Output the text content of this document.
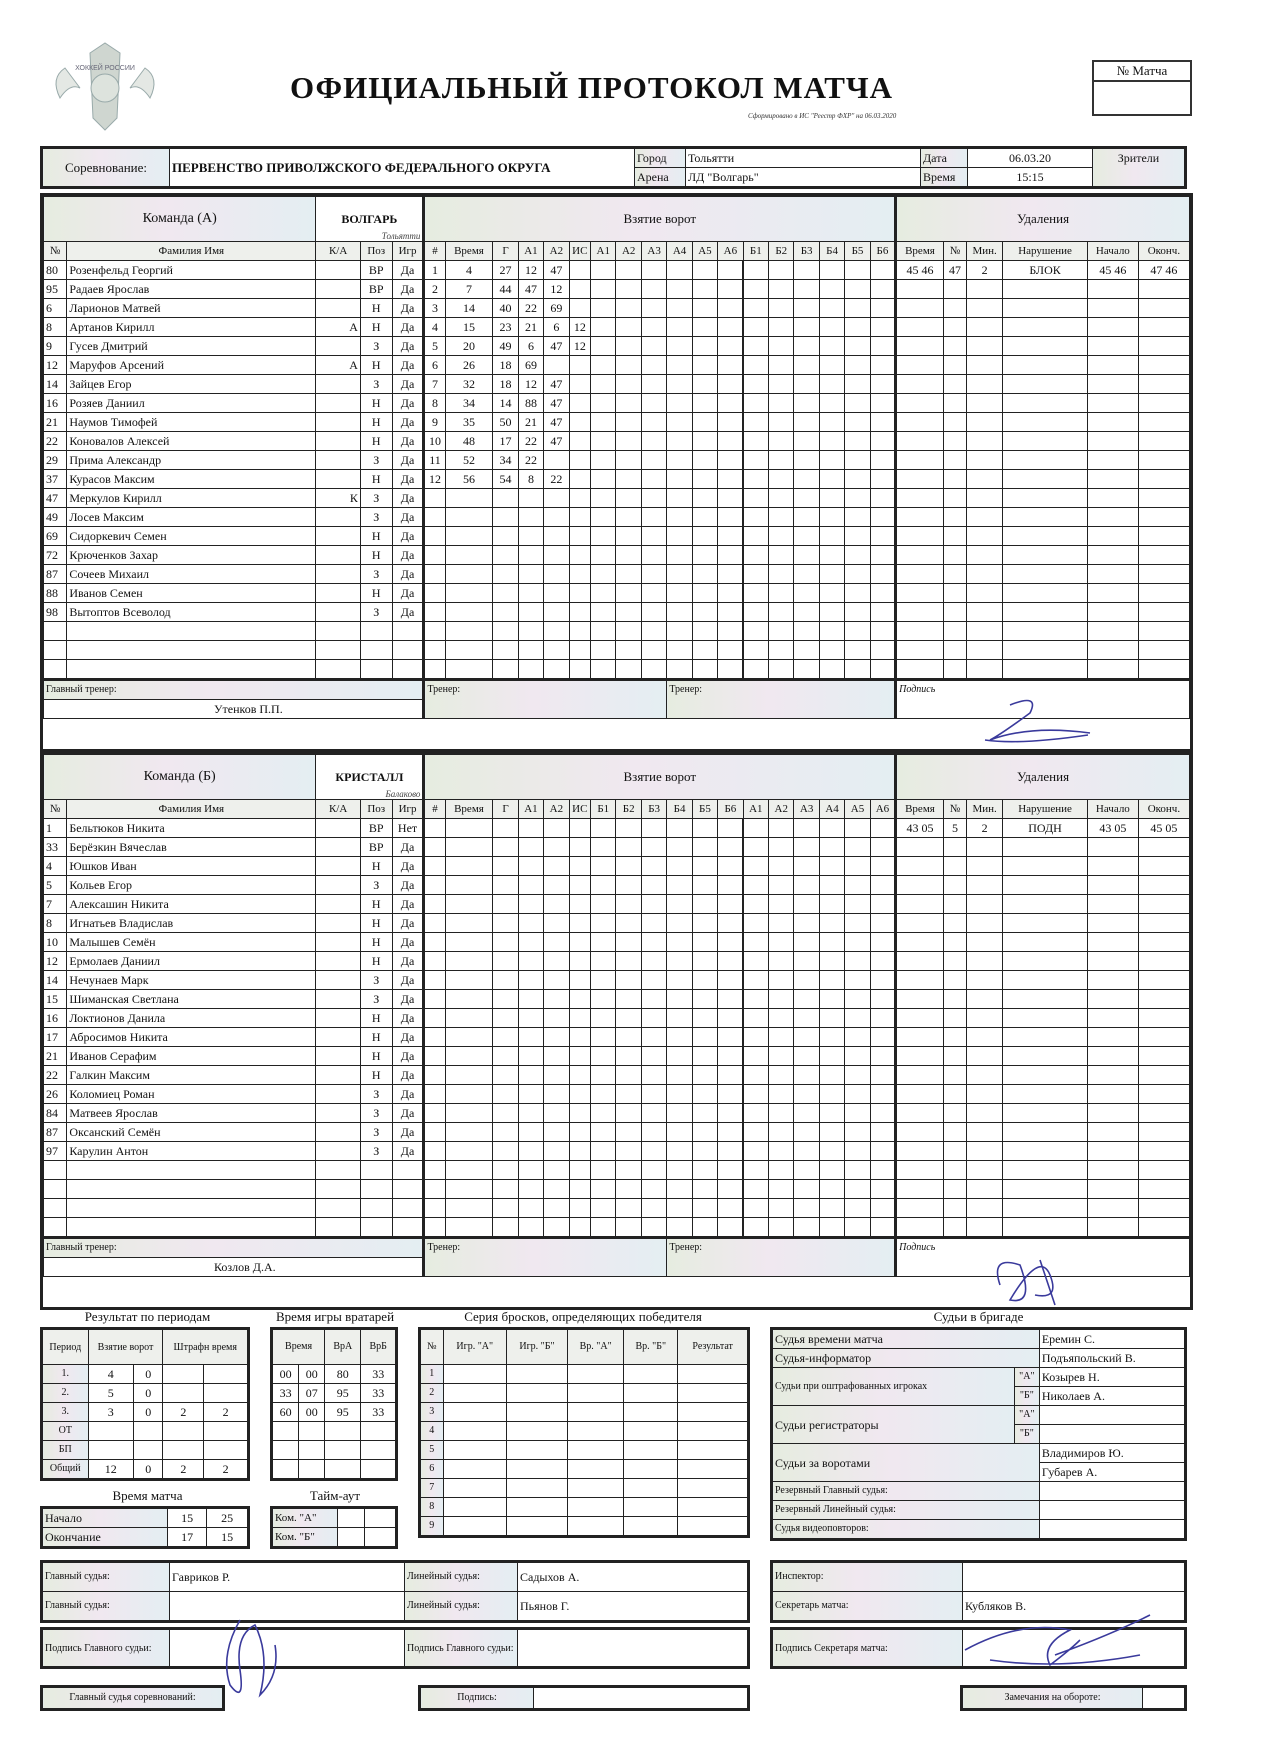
ХОККЕЙ РОССИИ
ОФИЦИАЛЬНЫЙ ПРОТОКОЛ МАТЧА
Сформировано в ИС "Реестр ФХР" на 06.03.2020
№ Матча
Соревнование:	ПЕРВЕНСТВО ПРИВОЛЖСКОГО ФЕДЕРАЛЬНОГО ОКРУГА	Город	Тольятти	Дата	06.03.20	Зрители
		Арена	ЛД "Волгарь"	Время	15:15	
Команда (А)		ВОЛГАРЬ
Тольятти			Взятие ворот																		Удаления					
№	Фамилия Имя	К/А	Поз	Игр	#	Время	Г	А1	А2	ИС	А1	А2	А3	А4	А5	А6	Б1	Б2	Б3	Б4	Б5	Б6	Время	№	Мин.	Нарушение	Начало	Оконч.
80	Розенфельд Георгий		ВР	Да	1	4	27	12	47														45 46	47	2	БЛОК	45 46	47 46
95	Радаев Ярослав		ВР	Да	2	7	44	47	12																			
6	Ларионов Матвей		Н	Да	3	14	40	22	69																			
8	Артанов Кирилл	А	Н	Да	4	15	23	21	6	12																		
9	Гусев Дмитрий		З	Да	5	20	49	6	47	12																		
12	Маруфов Арсений	А	Н	Да	6	26	18	69																				
14	Зайцев Егор		З	Да	7	32	18	12	47																			
16	Розяев Даниил		Н	Да	8	34	14	88	47																			
21	Наумов Тимофей		Н	Да	9	35	50	21	47																			
22	Коновалов Алексей		Н	Да	10	48	17	22	47																			
29	Прима Александр		З	Да	11	52	34	22																				
37	Курасов Максим		Н	Да	12	56	54	8	22																			
47	Меркулов Кирилл	К	З	Да																								
49	Лосев Максим		З	Да																								
69	Сидоркевич Семен		Н	Да																								
72	Крюченков Захар		Н	Да																								
87	Сочеев Михаил		З	Да																								
88	Иванов Семен		Н	Да																								
98	Вытоптов Всеволод		З	Да																								

Главный тренер:					Тренер:									Тренер:									Подпись					
Утенков П.П.																												
Команда (Б)		КРИСТАЛЛ
Балаково			Взятие ворот																		Удаления					
№	Фамилия Имя	К/А	Поз	Игр	#	Время	Г	А1	А2	ИС	Б1	Б2	Б3	Б4	Б5	Б6	А1	А2	А3	А4	А5	А6	Время	№	Мин.	Нарушение	Начало	Оконч.
1	Бельтюков Никита		ВР	Нет																			43 05	5	2	ПОДН	43 05	45 05
33	Берёзкин Вячеслав		ВР	Да																								
4	Юшков Иван		Н	Да																								
5	Кольев Егор		З	Да																								
7	Алексашин Никита		Н	Да																								
8	Игнатьев Владислав		Н	Да																								
10	Малышев Семён		Н	Да																								
12	Ермолаев Даниил		Н	Да																								
14	Нечунаев Марк		З	Да																								
15	Шиманская Светлана		З	Да																								
16	Локтионов Данила		Н	Да																								
17	Абросимов Никита		Н	Да																								
21	Иванов Серафим		Н	Да																								
22	Галкин Максим		Н	Да																								
26	Коломиец Роман		З	Да																								
84	Матвеев Ярослав		З	Да																								
87	Оксанский Семён		З	Да																								
97	Карулин Антон		З	Да																								

Главный тренер:					Тренер:									Тренер:									Подпись					
Козлов Д.А.																												
Результат по периодам
Период	Взятие ворот		Штрафн время	
1.	4	0		
2.	5	0		
3.	3	0	2	2
ОТ				
БП				
Общий	12	0	2	2
Время матча
Начало	15	25
Окончание	17	15
Время игры вратарей
Время		ВрА	ВрБ
00	00	80	33
33	07	95	33
60	00	95	33

Тайм-аут
Ком. "А"		
Ком. "Б"		
Серия бросков, определяющих победителя
№	Игр. "А"	Игр. "Б"	Вр. "А"	Вр. "Б"	Результат
1					
2					
3					
4					
5					
6					
7					
8					
9					
Судьи в бригаде
Судья времени матча		Еремин С.
Судья-информатор		Подъяпольский В.
Судьи при оштрафованных игроках	"А"	Козырев Н.
	"Б"	Николаев А.
Судьи регистраторы	"А"	
	"Б"	
Судьи за воротами		Владимиров Ю.
		Губарев А.
Резервный Главный судья:		
Резервный Линейный судья:		
Судья видеоповторов:		
Главный судья:	Гавриков Р.	Линейный судья:	Садыхов А.
Главный судья:		Линейный судья:	Пьянов Г.
Инспектор:	
Секретарь матча:	Кубляков В.
Подпись Главного судьи:		Подпись Главного судьи:		Подпись Секретаря матча:	
Главный судья соревнований:	Подпись:		Замечания на обороте:	
